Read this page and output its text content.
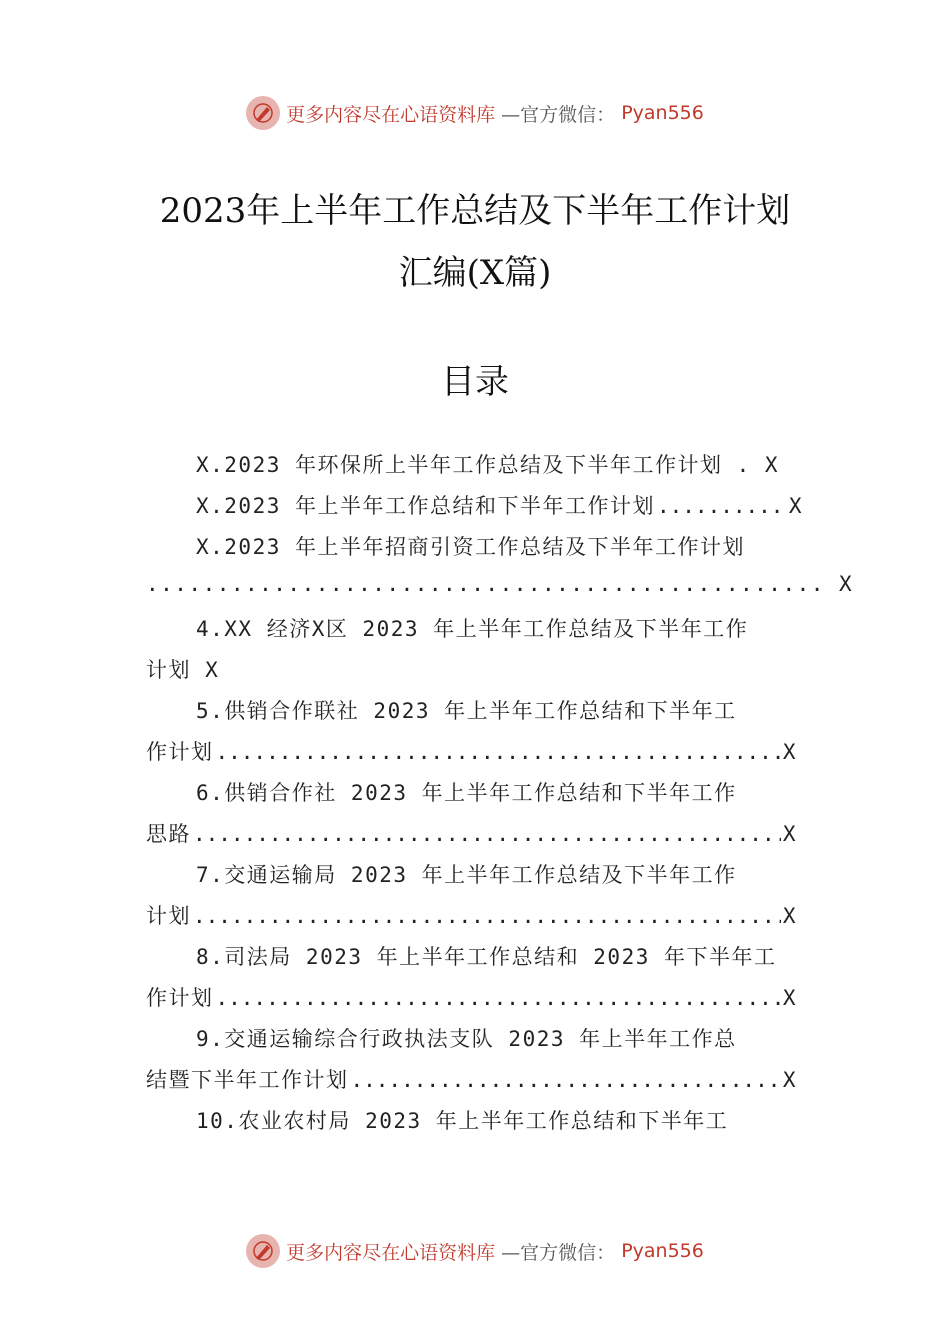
更多内容尽在心语资料库 —官方微信： Pyan556
2023年上半年工作总结及下半年工作计划
汇编(X篇)
目录
X.2023 年环保所上半年工作总结及下半年工作计划 . X
X.2023 年上半年工作总结和下半年工作计划 .....	X
X.2023 年上半年招商引资工作总结及下半年工作计划
................................................ X
4.XX 经济X区 2023 年上半年工作总结及下半年工作
计划 X
5.供销合作联社 2023 年上半年工作总结和下半年工
作计划 .....	X
6.供销合作社 2023 年上半年工作总结和下半年工作
思路 .....	X
7.交通运输局 2023 年上半年工作总结及下半年工作
计划 .....	X
8.司法局 2023 年上半年工作总结和 2023 年下半年工
作计划 .....	X
9.交通运输综合行政执法支队 2023 年上半年工作总
结暨下半年工作计划 .....	X
10.农业农村局 2023 年上半年工作总结和下半年工
更多内容尽在心语资料库 —官方微信： Pyan556
